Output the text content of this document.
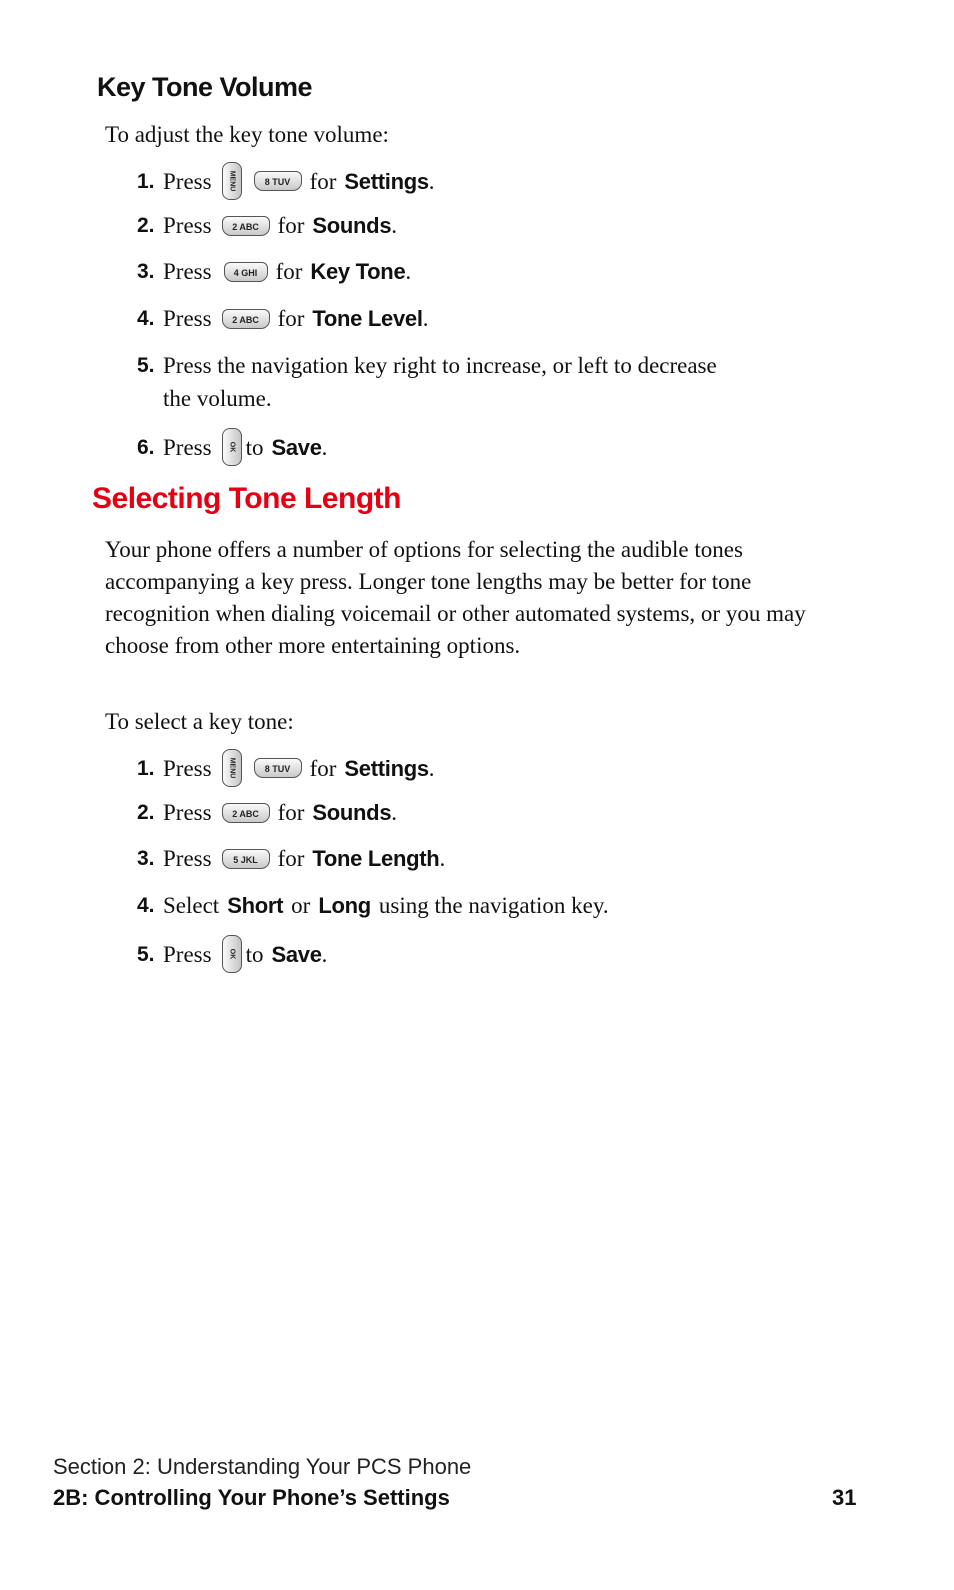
Key Tone Volume
To adjust the key tone volume:
1. Press	MENU	8 TUV for Settings .
2. Press	2 ABC for Sounds .
3. Press	4 GHI for Key Tone .
4. Press	2 ABC for Tone Level .
5. Press the navigation key right to increase, or left to decrease the volume.
6. Press	OK to Save .
Selecting Tone Length
Your phone offers a number of options for selecting the audible tones accompanying a key press. Longer tone lengths may be better for tone recognition when dialing voicemail or other automated systems, or you may choose from other more entertaining options.
To select a key tone:
1. Press	MENU	8 TUV for Settings .
2. Press	2 ABC for Sounds .
3. Press	5 JKL for Tone Length .
4. Select Short or Long using the navigation key.
5. Press	OK to Save .
Section 2: Understanding Your PCS Phone
2B: Controlling Your Phone’s Settings	31
